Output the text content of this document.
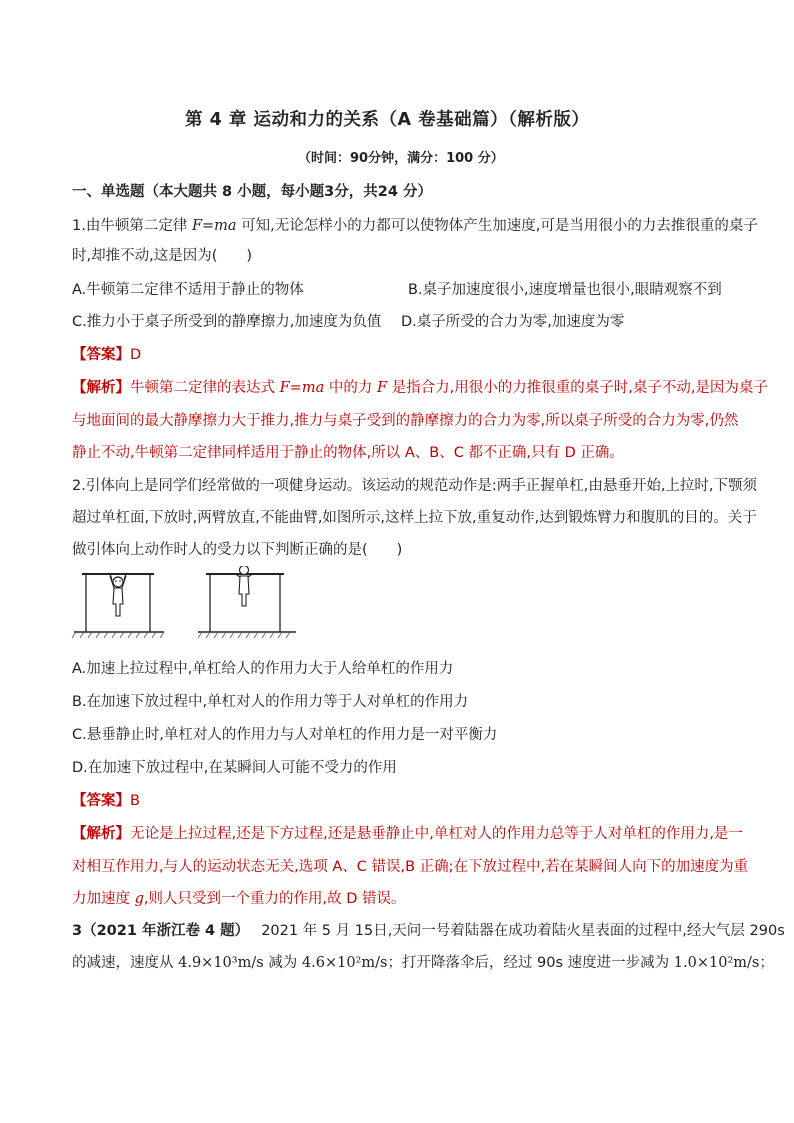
第 4 章 运动和力的关系（A 卷基础篇）（解析版）
（时间：90分钟，满分：100 分）
一、单选题（本大题共 8 小题，每小题3分，共24 分）
1.由牛顿第二定律 F=ma 可知,无论怎样小的力都可以使物体产生加速度,可是当用很小的力去推很重的桌子
时,却推不动,这是因为(　　)
A.牛顿第二定律不适用于静止的物体	B.桌子加速度很小,速度增量也很小,眼睛观察不到
C.推力小于桌子所受到的静摩擦力,加速度为负值 D.桌子所受的合力为零,加速度为零
【答案】D
【解析】牛顿第二定律的表达式 F=ma 中的力 F 是指合力,用很小的力推很重的桌子时,桌子不动,是因为桌子
与地面间的最大静摩擦力大于推力,推力与桌子受到的静摩擦力的合力为零,所以桌子所受的合力为零,仍然
静止不动,牛顿第二定律同样适用于静止的物体,所以 A、B、C 都不正确,只有 D 正确。
2.引体向上是同学们经常做的一项健身运动。该运动的规范动作是:两手正握单杠,由悬垂开始,上拉时,下颚须
超过单杠面,下放时,两臂放直,不能曲臂,如图所示,这样上拉下放,重复动作,达到锻炼臂力和腹肌的目的。关于
做引体向上动作时人的受力以下判断正确的是(　　)
A.加速上拉过程中,单杠给人的作用力大于人给单杠的作用力
B.在加速下放过程中,单杠对人的作用力等于人对单杠的作用力
C.悬垂静止时,单杠对人的作用力与人对单杠的作用力是一对平衡力
D.在加速下放过程中,在某瞬间人可能不受力的作用
【答案】B
【解析】无论是上拉过程,还是下方过程,还是悬垂静止中,单杠对人的作用力总等于人对单杠的作用力,是一
对相互作用力,与人的运动状态无关,选项 A、C 错误,B 正确;在下放过程中,若在某瞬间人向下的加速度为重
力加速度 g,则人只受到一个重力的作用,故 D 错误。
3（2021 年浙江卷 4 题） 2021 年 5 月 15日,天问一号着陆器在成功着陆火星表面的过程中,经大气层 290s
的减速，速度从 4.9×10³m/s 减为 4.6×10²m/s；打开降落伞后，经过 90s 速度进一步减为 1.0×10²m/s；
